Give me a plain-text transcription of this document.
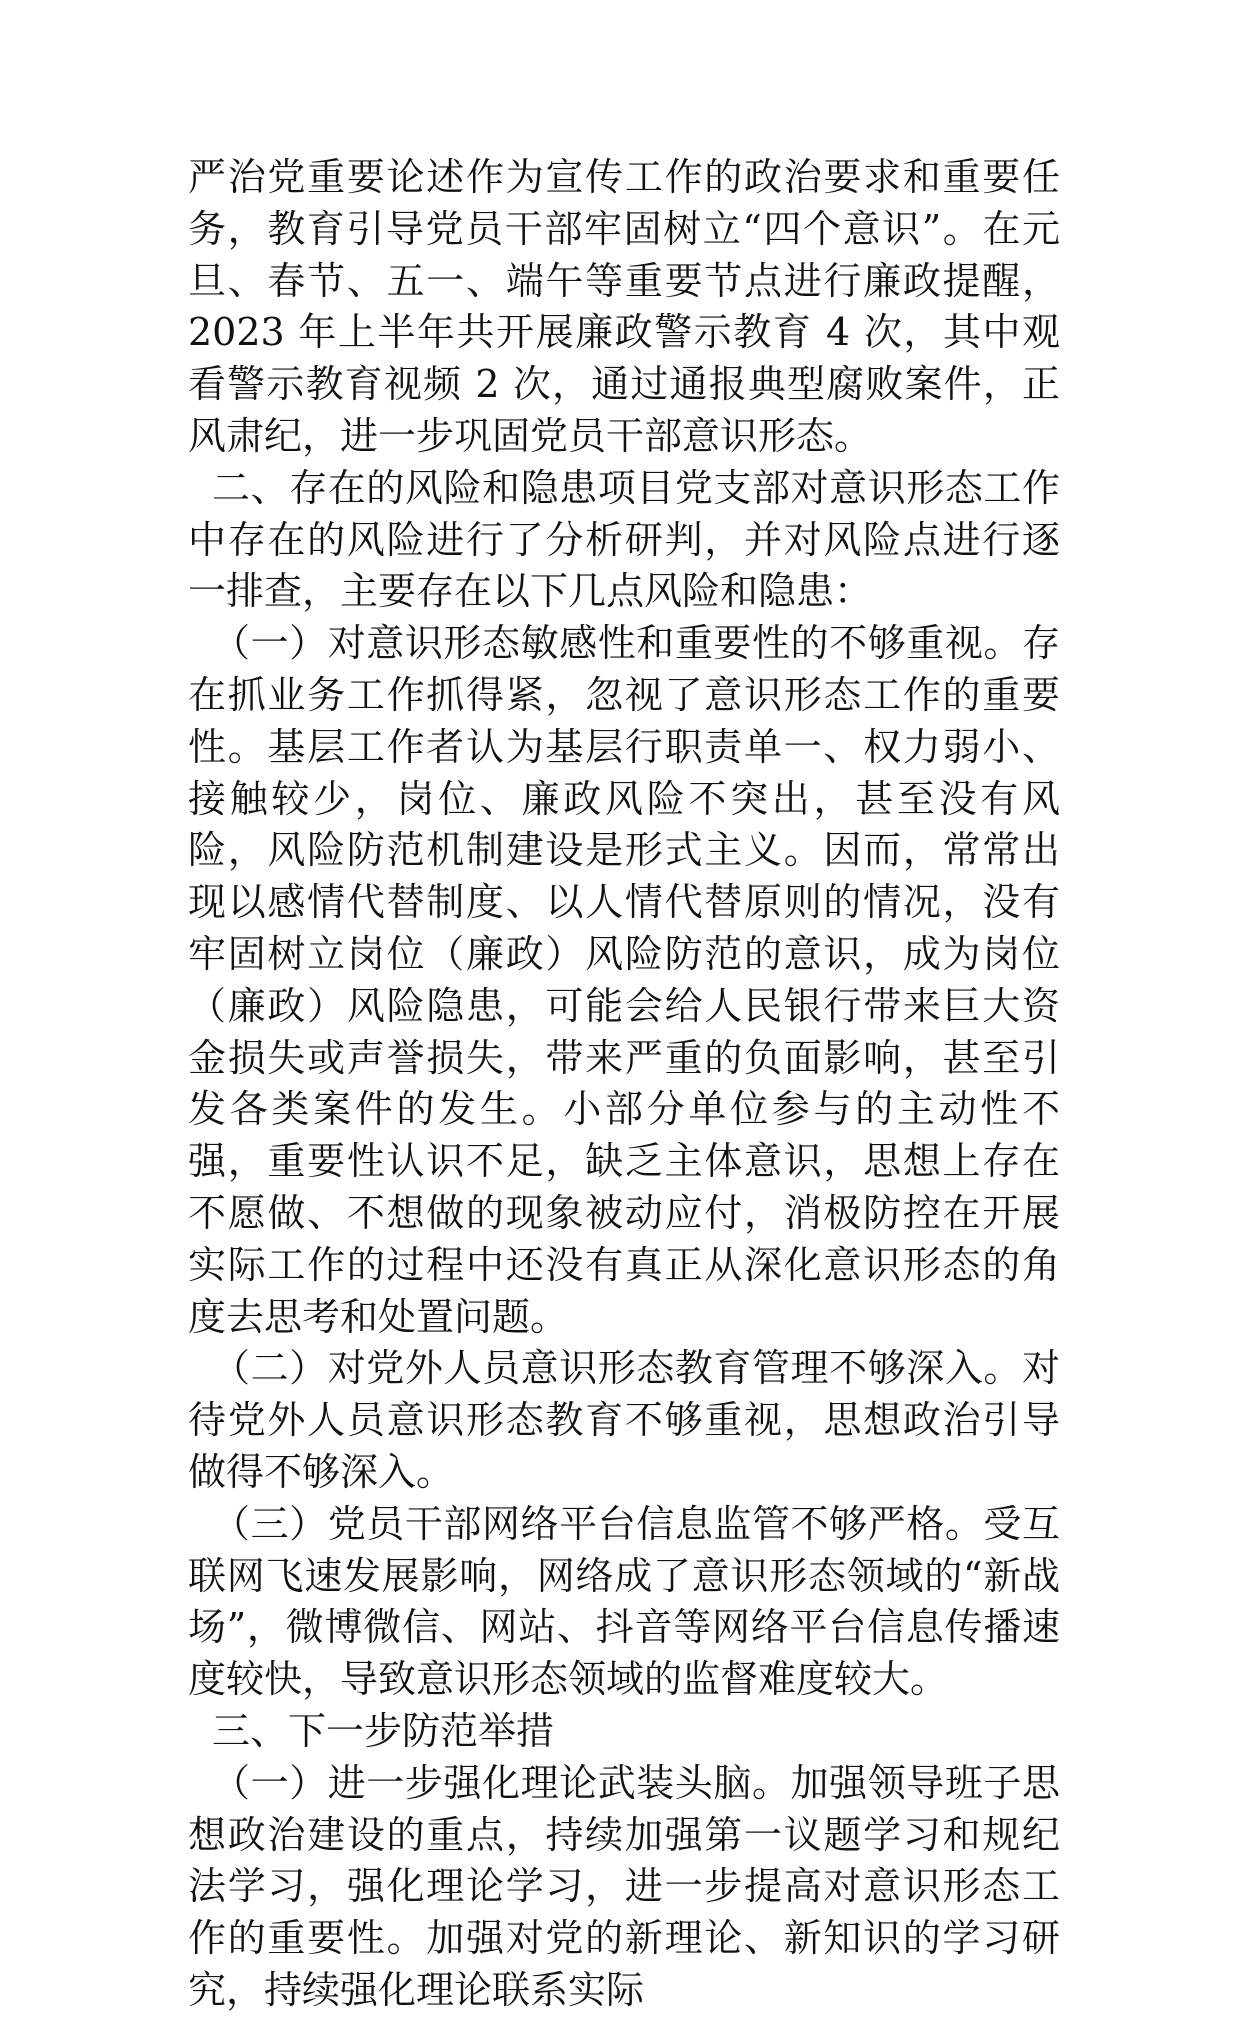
严治党重要论述作为宣传工作的政治要求和重要任务，教育引导党员干部牢固树立“四个意识”。在元旦、春节、五一、端午等重要节点进行廉政提醒，2023 年上半年共开展廉政警示教育 4 次，其中观看警示教育视频 2 次，通过通报典型腐败案件，正风肃纪，进一步巩固党员干部意识形态。

二、存在的风险和隐患项目党支部对意识形态工作中存在的风险进行了分析研判，并对风险点进行逐一排查，主要存在以下几点风险和隐患：

（一）对意识形态敏感性和重要性的不够重视。存在抓业务工作抓得紧，忽视了意识形态工作的重要性。基层工作者认为基层行职责单一、权力弱小、接触较少，岗位、廉政风险不突出，甚至没有风险，风险防范机制建设是形式主义。因而，常常出现以感情代替制度、以人情代替原则的情况，没有牢固树立岗位（廉政）风险防范的意识，成为岗位（廉政）风险隐患，可能会给人民银行带来巨大资金损失或声誉损失，带来严重的负面影响，甚至引发各类案件的发生。小部分单位参与的主动性不强，重要性认识不足，缺乏主体意识，思想上存在不愿做、不想做的现象被动应付，消极防控在开展实际工作的过程中还没有真正从深化意识形态的角度去思考和处置问题。

（二）对党外人员意识形态教育管理不够深入。对待党外人员意识形态教育不够重视，思想政治引导做得不够深入。

（三）党员干部网络平台信息监管不够严格。受互联网飞速发展影响，网络成了意识形态领域的“新战场”，微博微信、网站、抖音等网络平台信息传播速度较快，导致意识形态领域的监督难度较大。

三、下一步防范举措

（一）进一步强化理论武装头脑。加强领导班子思想政治建设的重点，持续加强第一议题学习和规纪法学习，强化理论学习，进一步提高对意识形态工作的重要性。加强对党的新理论、新知识的学习研究，持续强化理论联系实际
